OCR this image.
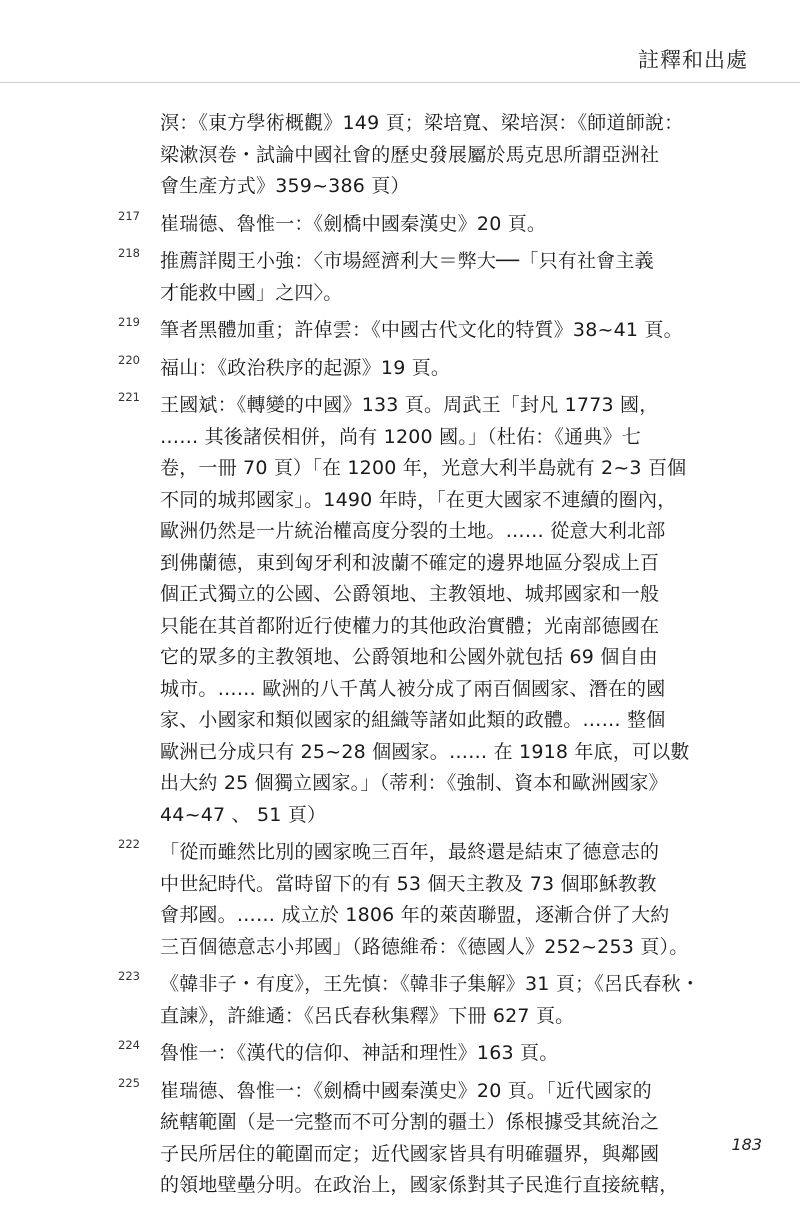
註釋和出處
溟：《東方學術概觀》149 頁；梁培寬、梁培溟：《師道師說：
梁漱溟卷・試論中國社會的歷史發展屬於馬克思所謂亞洲社
會生產方式》359~386 頁）
217 崔瑞德、魯惟一：《劍橋中國秦漢史》20 頁。
218 推薦詳閱王小強：〈市場經濟利大＝弊大──「只有社會主義
才能救中國」之四〉。
219 筆者黑體加重；許倬雲：《中國古代文化的特質》38~41 頁。
220 福山：《政治秩序的起源》19 頁。
221 王國斌：《轉變的中國》133 頁。周武王「封凡 1773 國，
…… 其後諸侯相併，尚有 1200 國。」（杜佑：《通典》七
卷，一冊 70 頁）「在 1200 年，光意大利半島就有 2~3 百個
不同的城邦國家」。1490 年時，「在更大國家不連續的圈內，
歐洲仍然是一片統治權高度分裂的土地。…… 從意大利北部
到佛蘭德，東到匈牙利和波蘭不確定的邊界地區分裂成上百
個正式獨立的公國、公爵領地、主教領地、城邦國家和一般
只能在其首都附近行使權力的其他政治實體；光南部德國在
它的眾多的主教領地、公爵領地和公國外就包括 69 個自由
城市。…… 歐洲的八千萬人被分成了兩百個國家、潛在的國
家、小國家和類似國家的組織等諸如此類的政體。…… 整個
歐洲已分成只有 25~28 個國家。…… 在 1918 年底，可以數
出大約 25 個獨立國家。」（蒂利：《強制、資本和歐洲國家》
44~47 、 51 頁）
222 「從而雖然比別的國家晚三百年，最終還是結束了德意志的
中世紀時代。當時留下的有 53 個天主教及 73 個耶穌教教
會邦國。…… 成立於 1806 年的萊茵聯盟，逐漸合併了大約
三百個德意志小邦國」（路德維希：《德國人》252~253 頁）。
223 《韓非子・有度》，王先慎：《韓非子集解》31 頁；《呂氏春秋・
直諫》，許維遹：《呂氏春秋集釋》下冊 627 頁。
224 魯惟一：《漢代的信仰、神話和理性》163 頁。
225 崔瑞德、魯惟一：《劍橋中國秦漢史》20 頁。「近代國家的
統轄範圍（是一完整而不可分割的疆土）係根據受其統治之
子民所居住的範圍而定；近代國家皆具有明確疆界，與鄰國
的領地壁壘分明。在政治上，國家係對其子民進行直接統轄，
183
